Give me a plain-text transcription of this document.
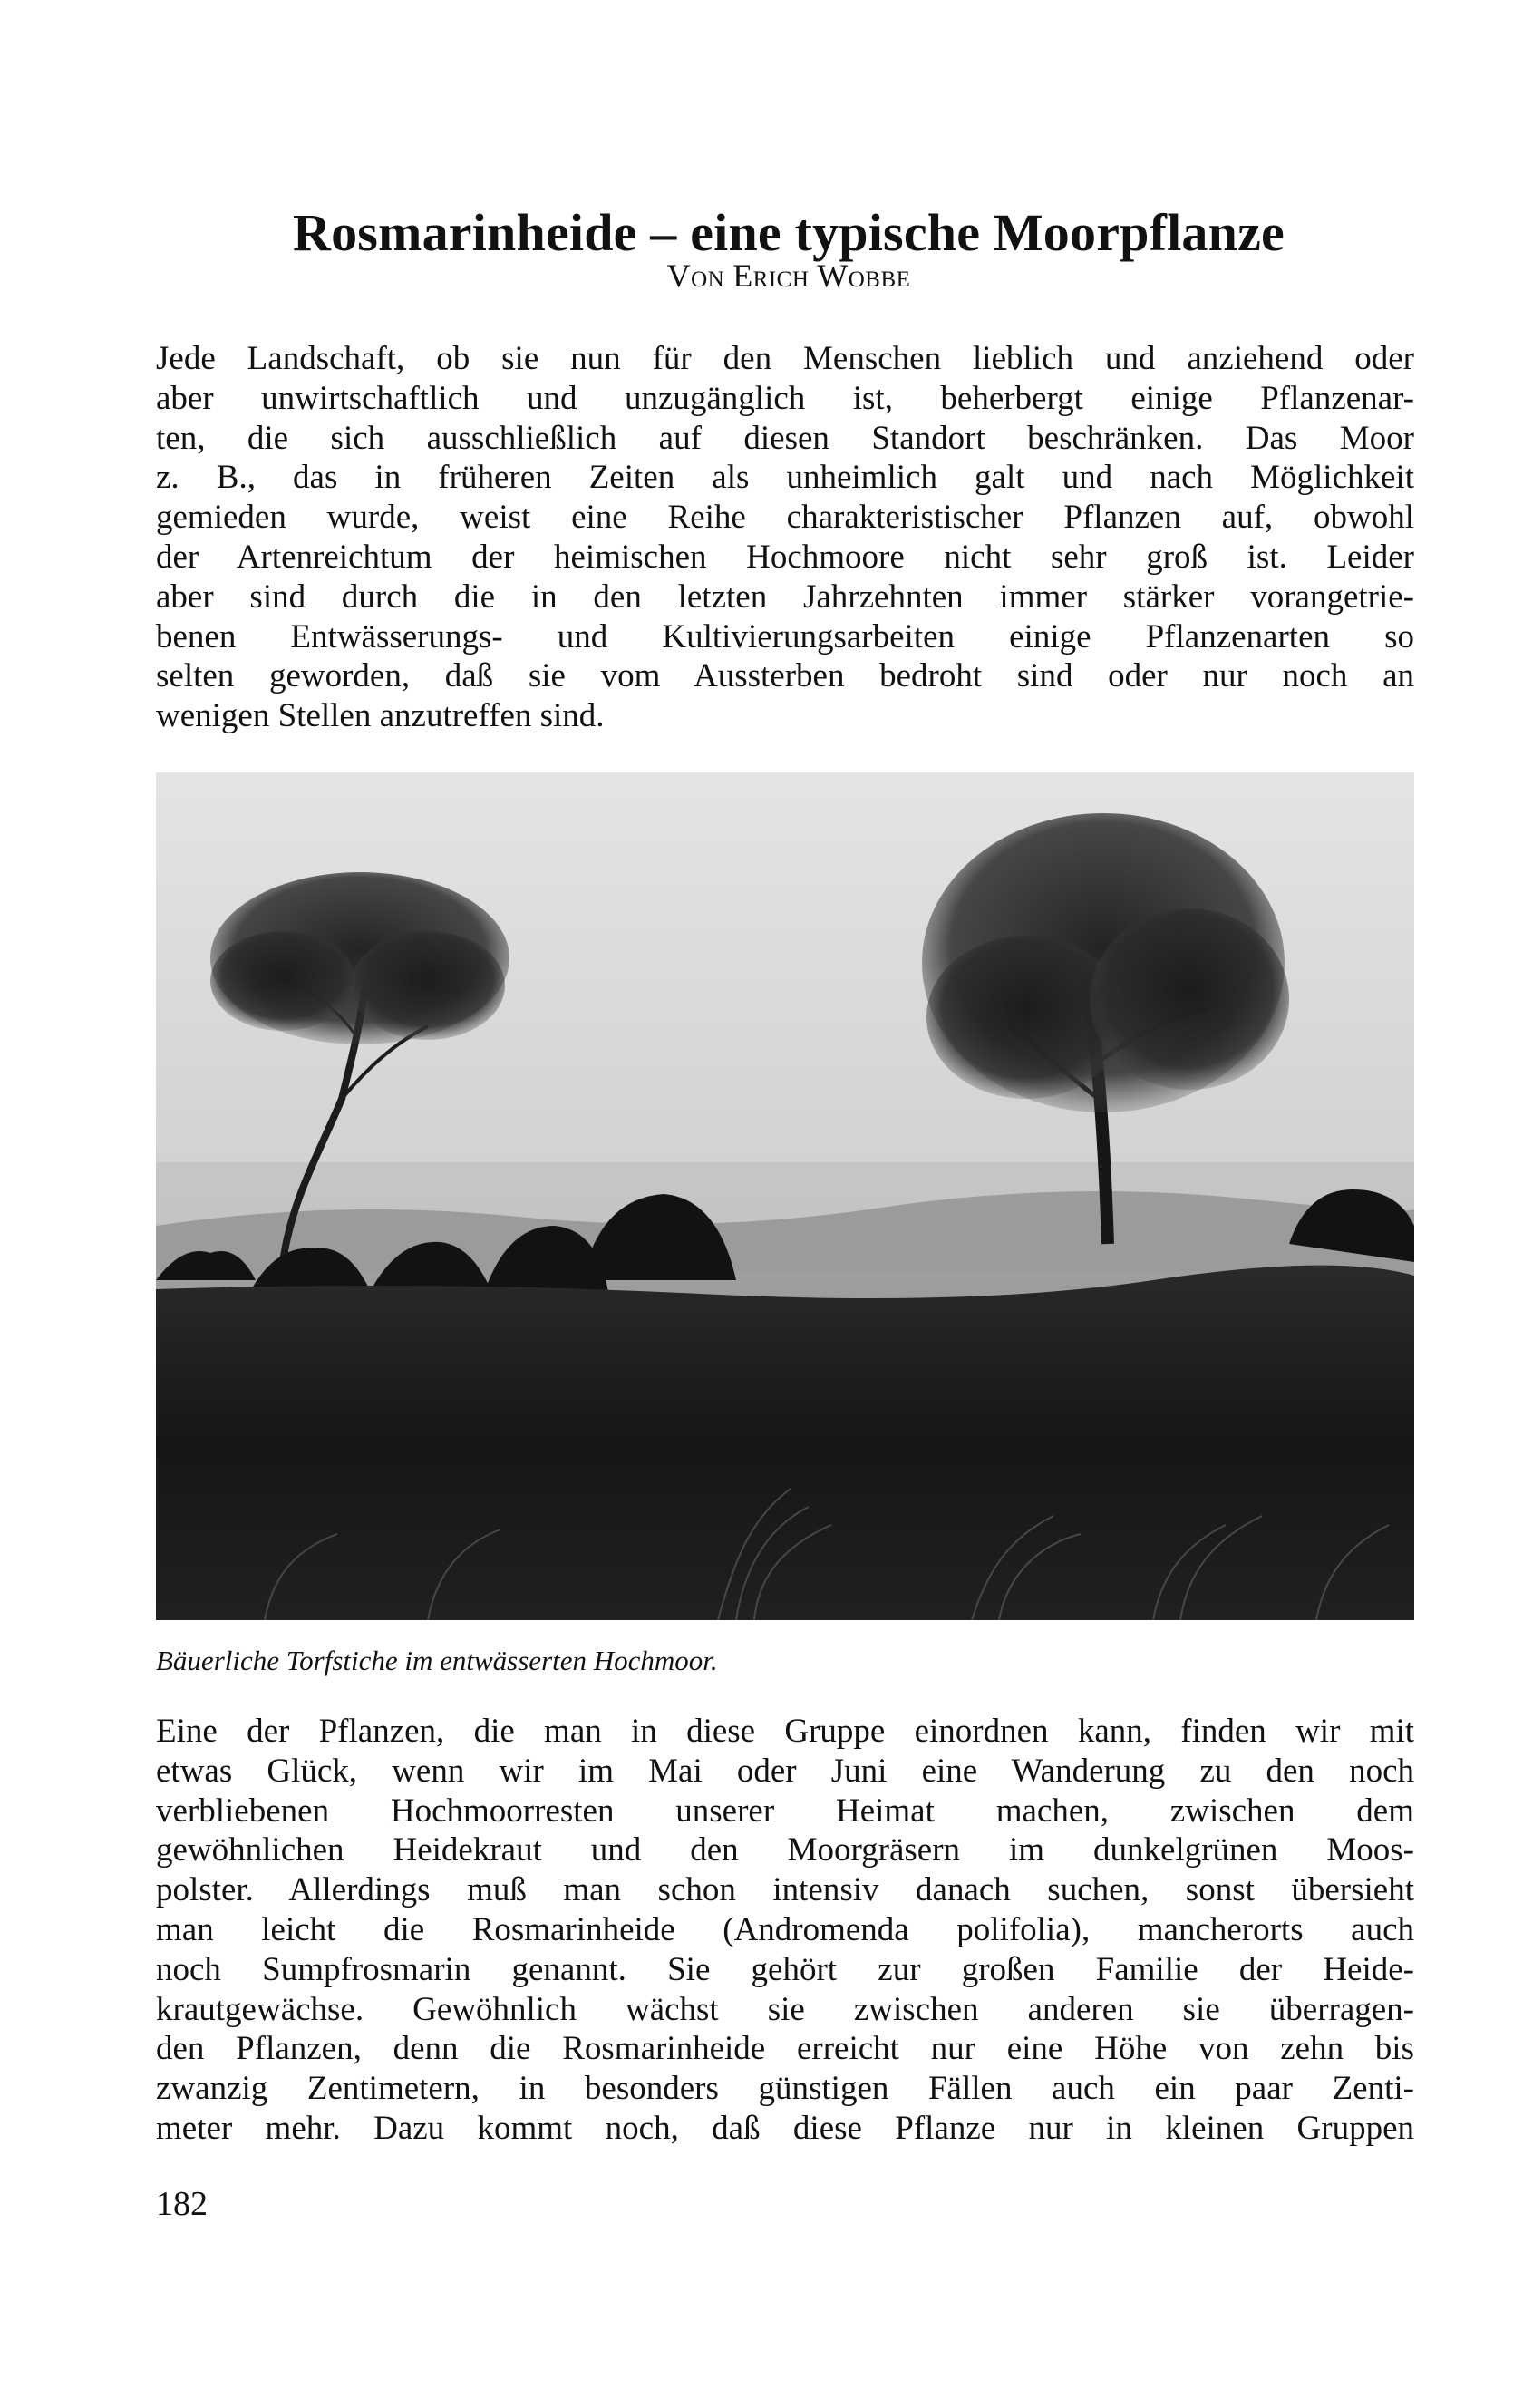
Rosmarinheide – eine typische Moorpflanze
Von Erich Wobbe

Jede Landschaft, ob sie nun für den Menschen lieblich und anziehend oder
aber unwirtschaftlich und unzugänglich ist, beherbergt einige Pflanzenar-
ten, die sich ausschließlich auf diesen Standort beschränken. Das Moor
z. B., das in früheren Zeiten als unheimlich galt und nach Möglichkeit
gemieden wurde, weist eine Reihe charakteristischer Pflanzen auf, obwohl
der Artenreichtum der heimischen Hochmoore nicht sehr groß ist. Leider
aber sind durch die in den letzten Jahrzehnten immer stärker vorangetrie-
benen Entwässerungs- und Kultivierungsarbeiten einige Pflanzenarten so
selten geworden, daß sie vom Aussterben bedroht sind oder nur noch an
wenigen Stellen anzutreffen sind.

Bäuerliche Torfstiche im entwässerten Hochmoor.

Eine der Pflanzen, die man in diese Gruppe einordnen kann, finden wir mit
etwas Glück, wenn wir im Mai oder Juni eine Wanderung zu den noch
verbliebenen Hochmoorresten unserer Heimat machen, zwischen dem
gewöhnlichen Heidekraut und den Moorgräsern im dunkelgrünen Moos-
polster. Allerdings muß man schon intensiv danach suchen, sonst übersieht
man leicht die Rosmarinheide (Andromenda polifolia), mancherorts auch
noch Sumpfrosmarin genannt. Sie gehört zur großen Familie der Heide-
krautgewächse. Gewöhnlich wächst sie zwischen anderen sie überragen-
den Pflanzen, denn die Rosmarinheide erreicht nur eine Höhe von zehn bis
zwanzig Zentimetern, in besonders günstigen Fällen auch ein paar Zenti-
meter mehr. Dazu kommt noch, daß diese Pflanze nur in kleinen Gruppen

182
